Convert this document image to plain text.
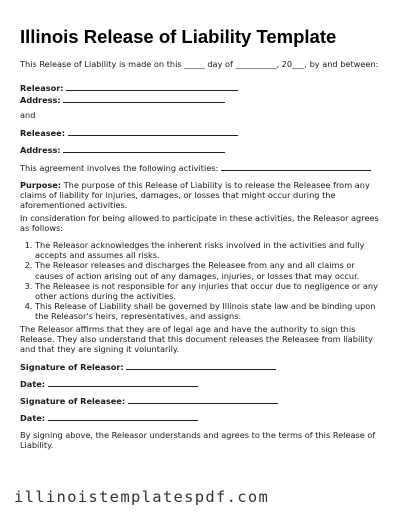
Illinois Release of Liability Template

This Release of Liability is made on this _____ day of __________, 20___, by and between:

Releasor:

Address:

and

Releasee:

Address:

This agreement involves the following activities:

Purpose: The purpose of this Release of Liability is to release the Releasee from any claims of liability for injuries, damages, or losses that might occur during the aforementioned activities.

In consideration for being allowed to participate in these activities, the Releasor agrees as follows:

1. The Releasor acknowledges the inherent risks involved in the activities and fully accepts and assumes all risks.
2. The Releasor releases and discharges the Releasee from any and all claims or causes of action arising out of any damages, injuries, or losses that may occur.
3. The Releasee is not responsible for any injuries that occur due to negligence or any other actions during the activities.
4. This Release of Liability shall be governed by Illinois state law and be binding upon the Releasor's heirs, representatives, and assigns.

The Releasor affirms that they are of legal age and have the authority to sign this Release. They also understand that this document releases the Releasee from liability and that they are signing it voluntarily.

Signature of Releasor:

Date:

Signature of Releasee:

Date:

By signing above, the Releasor understands and agrees to the terms of this Release of Liability.

illinoistemplatespdf.com
